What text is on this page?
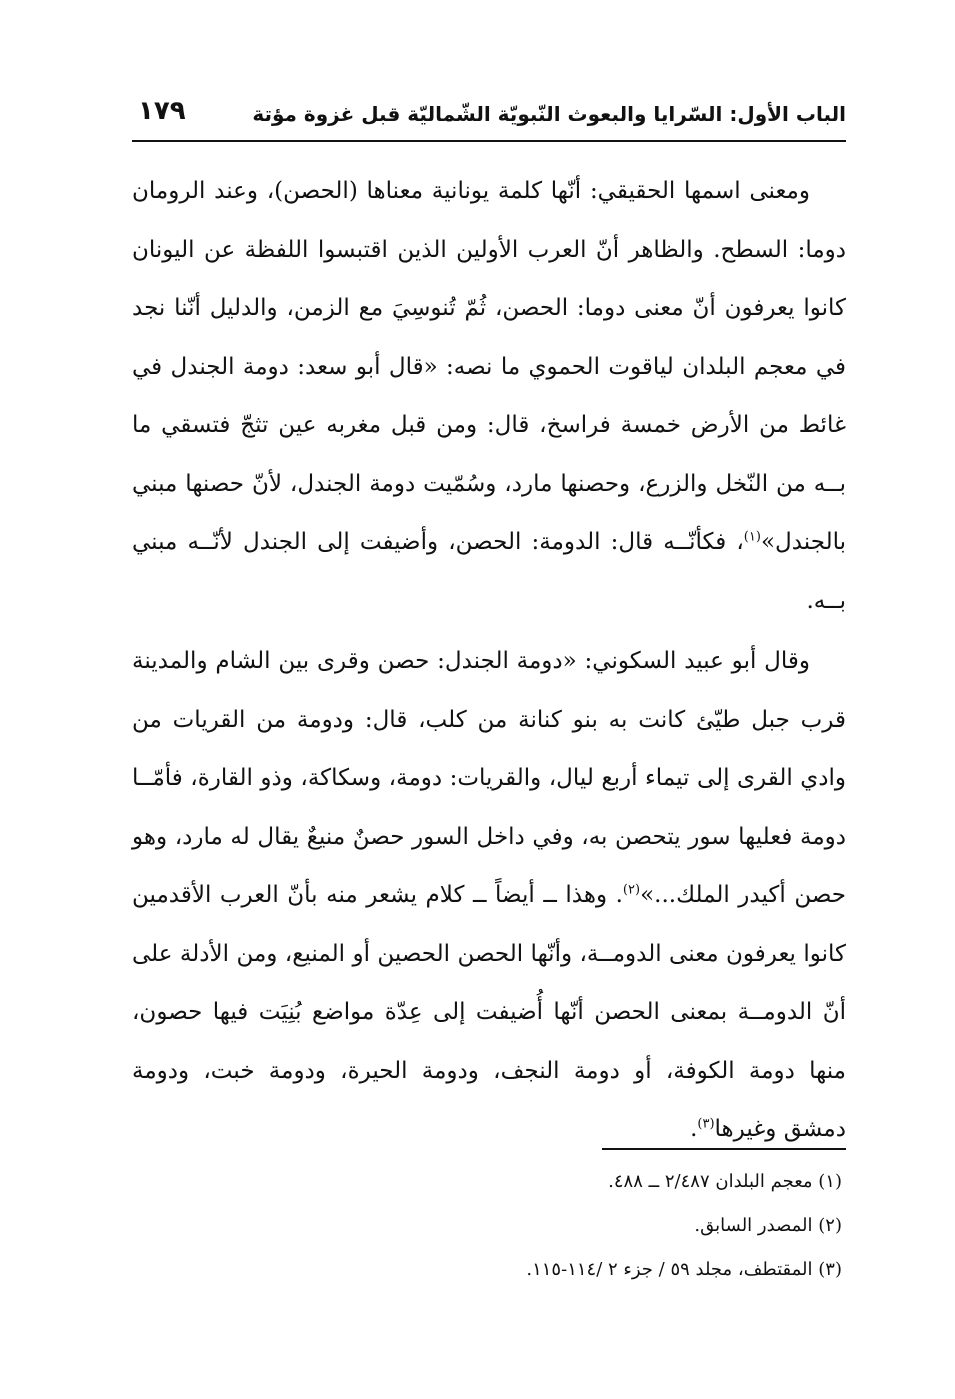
الباب الأول: السّرايا والبعوث النّبويّة الشّماليّة قبل غزوة مؤتة
١٧٩

ومعنى اسمها الحقيقي: أنّها كلمة يونانية معناها (الحصن)، وعند الرومان دوما: السطح. والظاهر أنّ العرب الأولين الذين اقتبسوا اللفظة عن اليونان كانوا يعرفون أنّ معنى دوما: الحصن، ثُمّ تُنوسِيَ مع الزمن، والدليل أنّنا نجد في معجم البلدان لياقوت الحموي ما نصه: «قال أبو سعد: دومة الجندل في غائط من الأرض خمسة فراسخ، قال: ومن قبل مغربه عين تثجّ فتسقي ما بــه من النّخل والزرع، وحصنها مارد، وسُمّيت دومة الجندل، لأنّ حصنها مبني بالجندل»$^{(١)}$، فكأنّــه قال: الدومة: الحصن، وأضيفت إلى الجندل لأنّــه مبني بــه.

وقال أبو عبيد السكوني: «دومة الجندل: حصن وقرى بين الشام والمدينة قرب جبل طيّئ كانت به بنو كنانة من كلب، قال: ودومة من القريات من وادي القرى إلى تيماء أربع ليال، والقريات: دومة، وسكاكة، وذو القارة، فأمّــا دومة فعليها سور يتحصن به، وفي داخل السور حصنٌ منيعٌ يقال له مارد، وهو حصن أكيدر الملك...»$^{(٢)}$. وهذا ــ أيضاً ــ كلام يشعر منه بأنّ العرب الأقدمين كانوا يعرفون معنى الدومــة، وأنّها الحصن الحصين أو المنيع، ومن الأدلة على أنّ الدومــة بمعنى الحصن أنّها أُضيفت إلى عِدّة مواضع بُنِيَت فيها حصون، منها دومة الكوفة، أو دومة النجف، ودومة الحيرة، ودومة خبت، ودومة دمشق وغيرها$^{(٣)}$.

(١) معجم البلدان ٢/٤٨٧ ــ ٤٨٨.

(٢) المصدر السابق.

(٣) المقتطف، مجلد ٥٩ / جزء ٢ /١١٤-١١٥.
